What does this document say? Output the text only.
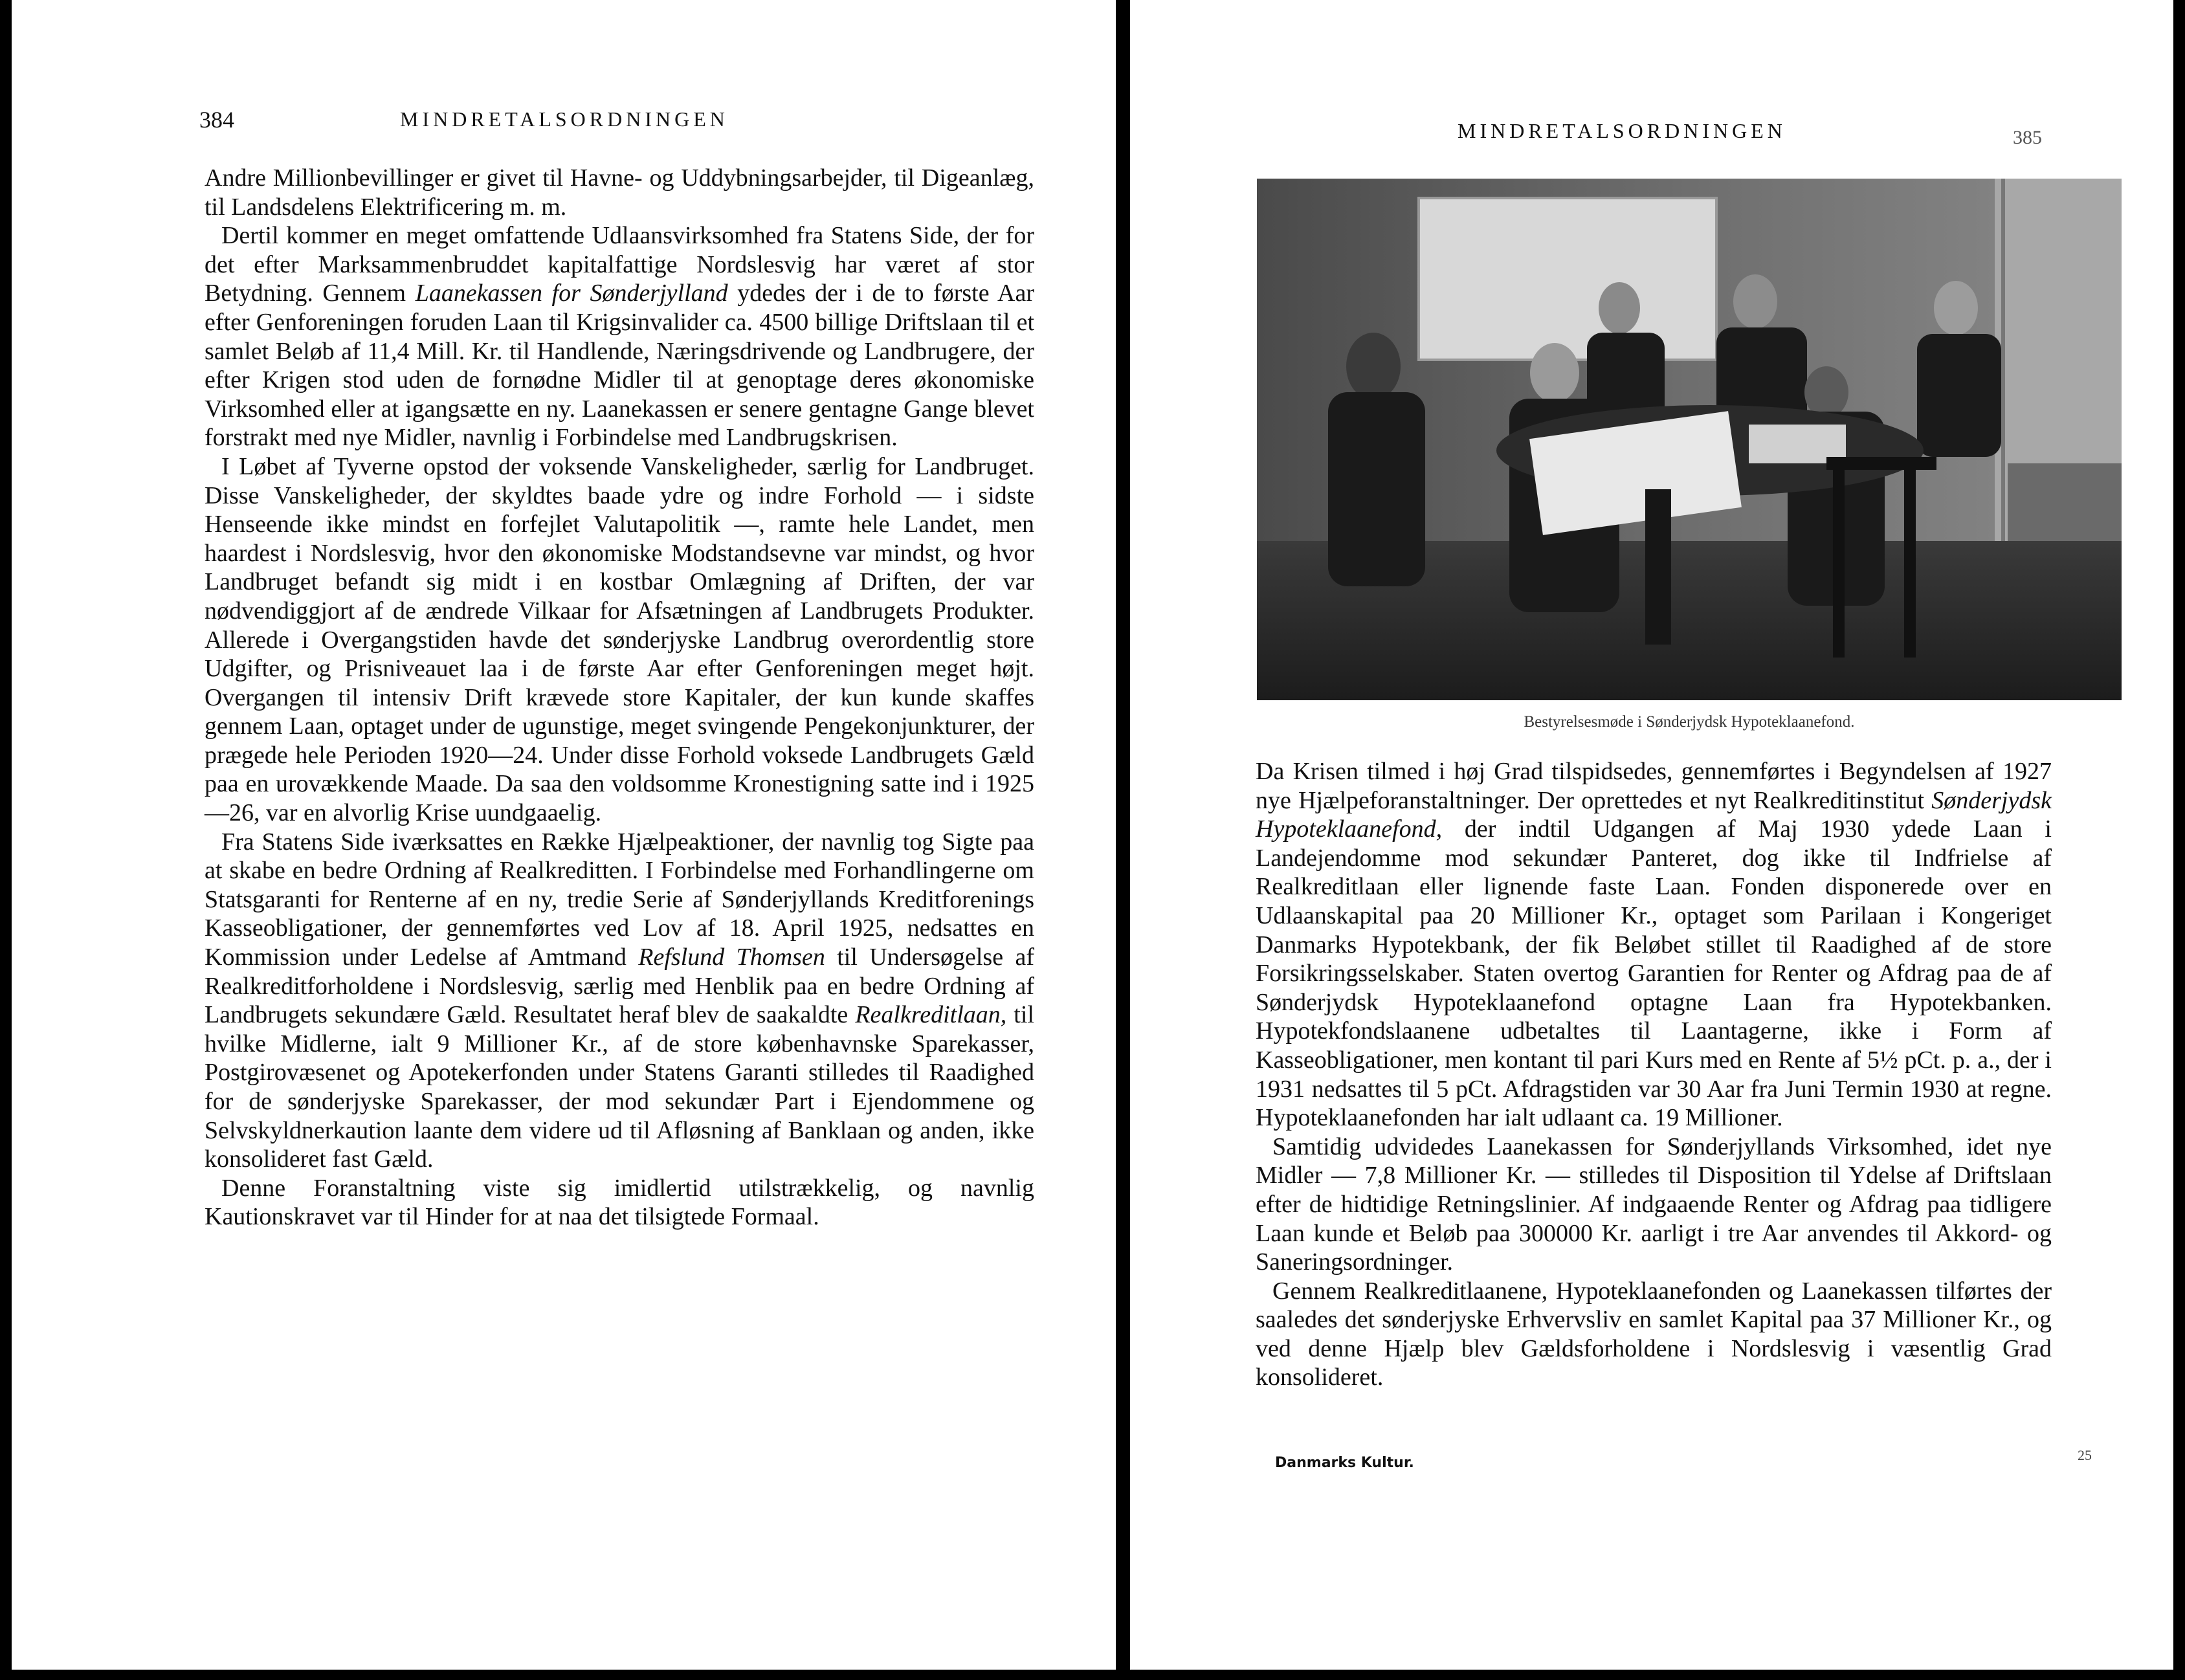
384	MINDRETALSORDNINGEN

Andre Millionbevillinger er givet til Havne- og Uddybningsarbejder, til Digeanlæg, til Landsdelens Elektrificering m. m.

Dertil kommer en meget omfattende Udlaansvirksomhed fra Statens Side, der for det efter Marksammenbruddet kapitalfattige Nordslesvig har været af stor Betydning. Gennem Laanekassen for Sønderjylland ydedes der i de to første Aar efter Genforeningen foruden Laan til Krigsinvalider ca. 4500 billige Driftslaan til et samlet Beløb af 11,4 Mill. Kr. til Handlende, Næringsdrivende og Landbrugere, der efter Krigen stod uden de fornødne Midler til at genoptage deres økonomiske Virksomhed eller at igangsætte en ny. Laanekassen er senere gentagne Gange blevet forstrakt med nye Midler, navnlig i Forbindelse med Landbrugskrisen.

I Løbet af Tyverne opstod der voksende Vanskeligheder, særlig for Landbruget. Disse Vanskeligheder, der skyldtes baade ydre og indre Forhold — i sidste Henseende ikke mindst en forfejlet Valutapolitik —, ramte hele Landet, men haardest i Nordslesvig, hvor den økonomiske Modstandsevne var mindst, og hvor Landbruget befandt sig midt i en kostbar Omlægning af Driften, der var nødvendiggjort af de ændrede Vilkaar for Afsætningen af Landbrugets Produkter. Allerede i Overgangstiden havde det sønderjyske Landbrug overordentlig store Udgifter, og Prisniveauet laa i de første Aar efter Genforeningen meget højt. Overgangen til intensiv Drift krævede store Kapitaler, der kun kunde skaffes gennem Laan, optaget under de ugunstige, meget svingende Pengekonjunkturer, der prægede hele Perioden 1920—24. Under disse Forhold voksede Landbrugets Gæld paa en urovækkende Maade. Da saa den voldsomme Kronestigning satte ind i 1925—26, var en alvorlig Krise uundgaaelig.

Fra Statens Side iværksattes en Række Hjælpeaktioner, der navnlig tog Sigte paa at skabe en bedre Ordning af Realkreditten. I Forbindelse med Forhandlingerne om Statsgaranti for Renterne af en ny, tredie Serie af Sønderjyllands Kreditforenings Kasseobligationer, der gennemførtes ved Lov af 18. April 1925, nedsattes en Kommission under Ledelse af Amtmand Refslund Thomsen til Undersøgelse af Realkreditforholdene i Nordslesvig, særlig med Henblik paa en bedre Ordning af Landbrugets sekundære Gæld. Resultatet heraf blev de saakaldte Realkreditlaan, til hvilke Midlerne, ialt 9 Millioner Kr., af de store københavnske Sparekasser, Postgirovæsenet og Apotekerfonden under Statens Garanti stilledes til Raadighed for de sønderjyske Sparekasser, der mod sekundær Part i Ejendommene og Selvskyldnerkaution laante dem videre ud til Afløsning af Banklaan og anden, ikke konsolideret fast Gæld.

Denne Foranstaltning viste sig imidlertid utilstrækkelig, og navnlig Kautionskravet var til Hinder for at naa det tilsigtede Formaal.

MINDRETALSORDNINGEN	385
Bestyrelsesmøde i Sønderjydsk Hypoteklaanefond.

Da Krisen tilmed i høj Grad tilspidsedes, gennemførtes i Begyndelsen af 1927 nye Hjælpeforanstaltninger. Der oprettedes et nyt Realkreditinstitut Sønderjydsk Hypoteklaanefond, der indtil Udgangen af Maj 1930 ydede Laan i Landejendomme mod sekundær Panteret, dog ikke til Indfrielse af Realkreditlaan eller lignende faste Laan. Fonden disponerede over en Udlaanskapital paa 20 Millioner Kr., optaget som Parilaan i Kongeriget Danmarks Hypotekbank, der fik Beløbet stillet til Raadighed af de store Forsikringsselskaber. Staten overtog Garantien for Renter og Afdrag paa de af Sønderjydsk Hypoteklaanefond optagne Laan fra Hypotekbanken. Hypotekfondslaanene udbetaltes til Laantagerne, ikke i Form af Kasseobligationer, men kontant til pari Kurs med en Rente af 5½ pCt. p. a., der i 1931 nedsattes til 5 pCt. Afdragstiden var 30 Aar fra Juni Termin 1930 at regne. Hypoteklaanefonden har ialt udlaant ca. 19 Millioner.

Samtidig udvidedes Laanekassen for Sønderjyllands Virksomhed, idet nye Midler — 7,8 Millioner Kr. — stilledes til Disposition til Ydelse af Driftslaan efter de hidtidige Retningslinier. Af indgaaende Renter og Afdrag paa tidligere Laan kunde et Beløb paa 300000 Kr. aarligt i tre Aar anvendes til Akkord- og Saneringsordninger.

Gennem Realkreditlaanene, Hypoteklaanefonden og Laanekassen tilførtes der saaledes det sønderjyske Erhvervsliv en samlet Kapital paa 37 Millioner Kr., og ved denne Hjælp blev Gældsforholdene i Nordslesvig i væsentlig Grad konsolideret.

Danmarks Kultur.	25
